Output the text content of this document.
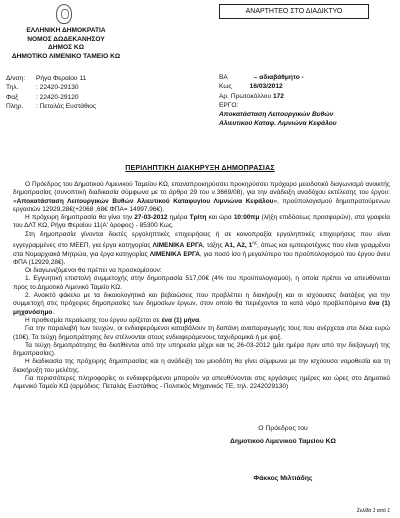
ΕΛΛΗΝΙΚΗ ΔΗΜΟΚΡΑΤΙΑ
ΝΟΜΟΣ ΔΩΔΕΚΑΝΗΣΟΥ
ΔΗΜΟΣ ΚΩ
ΔΗΜΟΤΙΚΟ ΛΙΜΕΝΙΚΟ ΤΑΜΕΙΟ ΚΩ
Δ/νση:	Ρήγα Φεραίου 11
Τηλ.	: 22420-29130
Φαξ	: 22420-29120
Πληρ.	: Πεταλάς Ευστάθιος
ΑΝΑΡΤΗΤΕΟ ΣΤΟ ΔΙΑΔΙΚΤΥΟ
ΒΑ	– αδιαβάθμητο -
Κως	16/03/2012
Αρ. Πρωτοκόλλου 172
ΕΡΓΟ:
Αποκατάσταση Λειτουργικών Βυθών
Αλιευτικού Καταφ. Λιμνιώνα Κεφάλου
ΠΕΡΙΛΗΠΤΙΚΗ ΔΙΑΚΗΡΥΞΗ ΔΗΜΟΠΡΑΣΙΑΣ

Ο Πρόεδρος του Δημοτικού Λιμενικού Ταμείου ΚΩ, επαναπροκηρύσσει προκηρύσσει πρόχειρο μειοδοτικό διαγωνισμό ανοικτής δημοπρασίας (συνοπτική διαδικασία σύμφωνα με το άρθρο 29 του ν.3669/08), για την ανάδειξη αναδόχου εκτέλεσης του έργου: «Αποκατάσταση Λειτουργικών Βυθών Αλιευτικού Καταφυγίου Λιμνιώνα Κεφάλου», προϋπολογισμού δημοπρατούμενων εργασιών 12929,28€(+2068 ,68€ ΦΠΑ= 14997,96€).

Η πρόχειρη δημοπρασία θα γίνει την 27-03-2012 ημέρα Τρίτη και ώρα 10:00πμ (λήξη επιδόσεως προσφορών), στα γραφεία του ΔΛΤ ΚΩ, Ρήγα Φεραίου 11(Α' όροφος) - 85300 Κως.

Στη δημοπρασία γίνονται δεκτές εργοληπτικές επιχειρήσεις ή σε κοινοπραξία εργοληπτικές επιχειρήσεις που είναι εγγεγραμμένες στο ΜΕΕΠ, για έργα κατηγορίας ΛΙΜΕΝΙΚΑ ΕΡΓΑ, τάξης Α1, Α2, $1^{\eta\varsigma}$, όπως και εμπειροτέχνες που είναι γραμμένοι στα Νομαρχιακά Μητρώα, για έργα κατηγορίας ΛΙΜΕΝΙΚΑ ΕΡΓΑ, για ποσό ίσο ή μεγαλύτερο του προϋπολογισμού του έργου άνευ ΦΠΑ (12929,28€).

Οι διαγωνιζόμενοι θα πρέπει να προσκομίσουν:

1. Εγγυητική επιστολή συμμετοχής στην δημοπρασία 517,00€ (4% του προϋπολογισμού), η οποία πρέπει να απευθύνεται προς το Δημοτικό Λιμενικό Ταμείο ΚΩ.

2. Ανοικτό φάκελο με τα δικαιολογητικά και βεβαιώσεις που προβλέπει η διακήρυξη και οι ισχύουσες διατάξεις για την συμμετοχή στις πρόχειρες δημοπρασίες των δημοσίων έργων, στον οποίο θα περιέχονται τα κατά νόμο προβλεπόμενα ένα (1) μηχανόσημο.

Η προθεσμία περαίωσης του έργου ορίζεται σε ένα (1) μήνα.

Για την παραλαβή των τευχών, οι ενδιαφερόμενοι καταβάλουν τη δαπάνη αναπαραγωγής τους που ανέρχεται στα δέκα ευρώ (10€). Τα τεύχη δημοπράτησης δεν στέλνονται στους ενδιαφερόμενους ταχυδρομικά ή με φαξ.

Τα τεύχη δημοπράτησης θα διατίθενται από την υπηρεσία μέχρι και τις 26-03-2012 (μία ημέρα πριν από την διεξαγωγή της δημοπρασίας).

Η διαδικασία της πρόχειρης δημοπρασίας και η ανάδειξη του μειοδότη θα γίνει σύμφωνα με την ισχύουσα νομοθεσία και τη διακήρυξη του μελέτης.

Για περισσότερες πληροφορίες οι ενδιαφερόμενοι μπορούν να απευθύνονται στις εργάσιμες ημέρες και ώρες στο Δημοτικό Λιμενικό Ταμείο ΚΩ (αρμόδιος: Πεταλάς Ευστάθιος - Πολιτικός Μηχανικός ΤΕ, τηλ. 2242029130)

Ο Πρόεδρος του
Δημοτικού Λιμενικού Ταμείου ΚΩ
Φάκκος Μιλτιάδης
Σελίδα 1 από 1
